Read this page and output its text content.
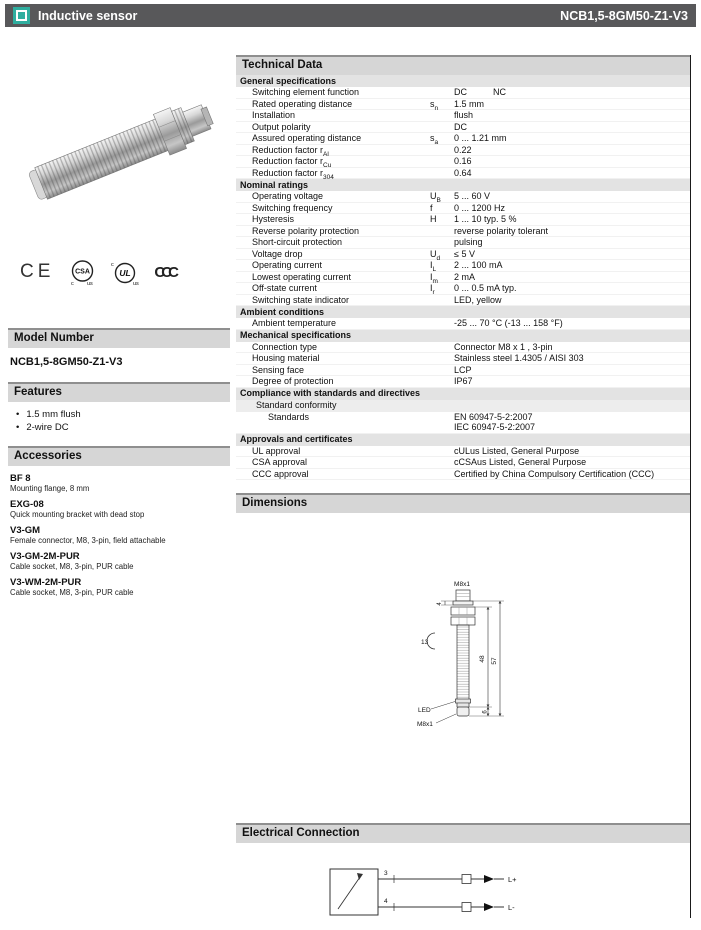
Inductive sensor	NCB1,5-8GM50-Z1-V3
CE	CSA
c us
c
UL
us
CCC
Model Number
NCB1,5-8GM50-Z1-V3
Features
• 1.5 mm flush
• 2-wire DC
Accessories
BF 8
Mounting flange, 8 mm
EXG-08
Quick mounting bracket with dead stop
V3-GM
Female connector, M8, 3-pin, field attachable
V3-GM-2M-PUR
Cable socket, M8, 3-pin, PUR cable
V3-WM-2M-PUR
Cable socket, M8, 3-pin, PUR cable
Technical Data
General specifications
Switching element function	DC	NC
Rated operating distance	$s_n$	1.5 mm
Installation	flush
Output polarity	DC
Assured operating distance	$s_a$	0 ... 1.21 mm
Reduction factor $r_{Al}$	0.22
Reduction factor $r_{Cu}$	0.16
Reduction factor $r_{304}$	0.64
Nominal ratings
Operating voltage	$U_B$	5 ... 60 V
Switching frequency	f	0 ... 1200 Hz
Hysteresis	H	1 ... 10 typ. 5 %
Reverse polarity protection	reverse polarity tolerant
Short-circuit protection	pulsing
Voltage drop	$U_d$	≤ 5 V
Operating current	$I_L$	2 ... 100 mA
Lowest operating current	$I_m$	2 mA
Off-state current	$I_r$	0 ... 0.5 mA typ.
Switching state indicator	LED, yellow
Ambient conditions
Ambient temperature	-25 ... 70 °C (-13 ... 158 °F)
Mechanical specifications
Connection type	Connector M8 x 1 , 3-pin
Housing material	Stainless steel 1.4305 / AISI 303
Sensing face	LCP
Degree of protection	IP67
Compliance with standards and directives
Standard conformity
Standards	EN 60947-5-2:2007
IEC 60947-5-2:2007
Approvals and certificates
UL approval	cULus Listed, General Purpose
CSA approval	cCSAus Listed, General Purpose
CCC approval	Certified by China Compulsory Certification (CCC)
Dimensions
M8x1
4
13
48 57
6
LED
M8x1
Electrical Connection
3
L+
4
L-
